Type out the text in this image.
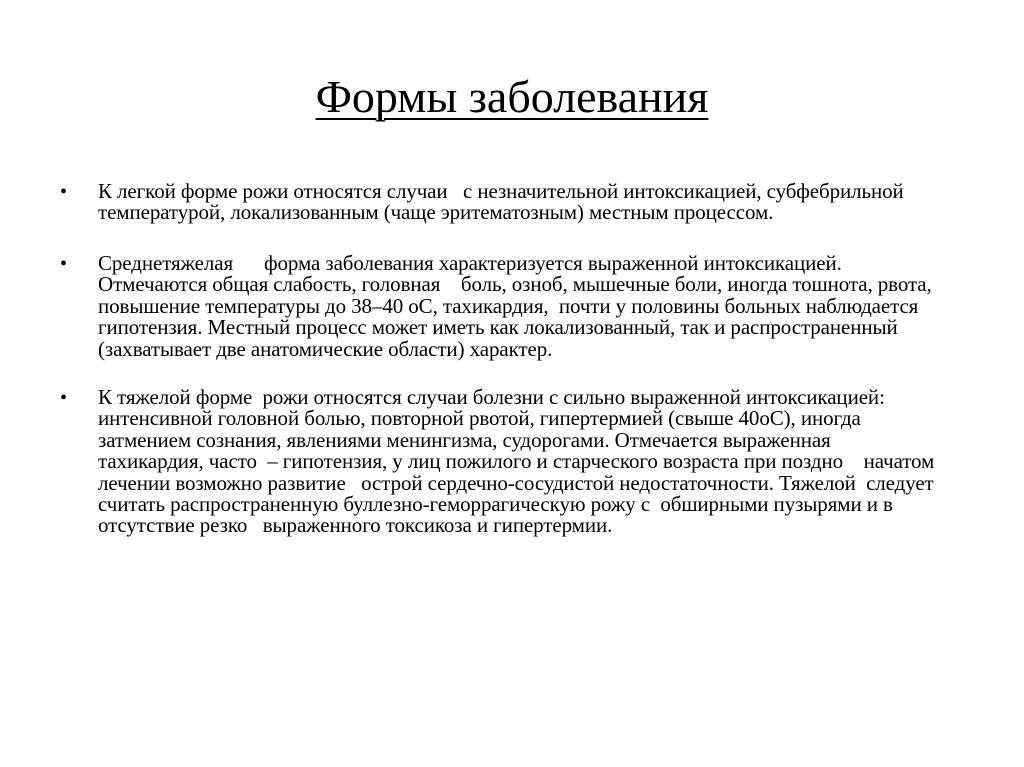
Формы заболевания
• К легкой форме рожи относятся случаи   с незначительной интоксикацией, субфебрильной
температурой, локализованным (чаще эритематозным) местным процессом.
• Среднетяжелая      форма заболевания характеризуется выраженной интоксикацией.
Отмечаются общая слабость, головная    боль, озноб, мышечные боли, иногда тошнота, рвота,
повышение температуры до 38–40 оС, тахикардия,  почти у половины больных наблюдается
гипотензия. Местный процесс может иметь как локализованный, так и распространенный
(захватывает две анатомические области) характер.
• К тяжелой форме  рожи относятся случаи болезни с сильно выраженной интоксикацией:
интенсивной головной болью, повторной рвотой, гипертермией (свыше 40оС), иногда
затмением сознания, явлениями менингизма, судорогами. Отмечается выраженная
тахикардия, часто  – гипотензия, у лиц пожилого и старческого возраста при поздно    начатом
лечении возможно развитие   острой сердечно-сосудистой недостаточности. Тяжелой  следует
считать распространенную буллезно-геморрагическую рожу с  обширными пузырями и в
отсутствие резко   выраженного токсикоза и гипертермии.
